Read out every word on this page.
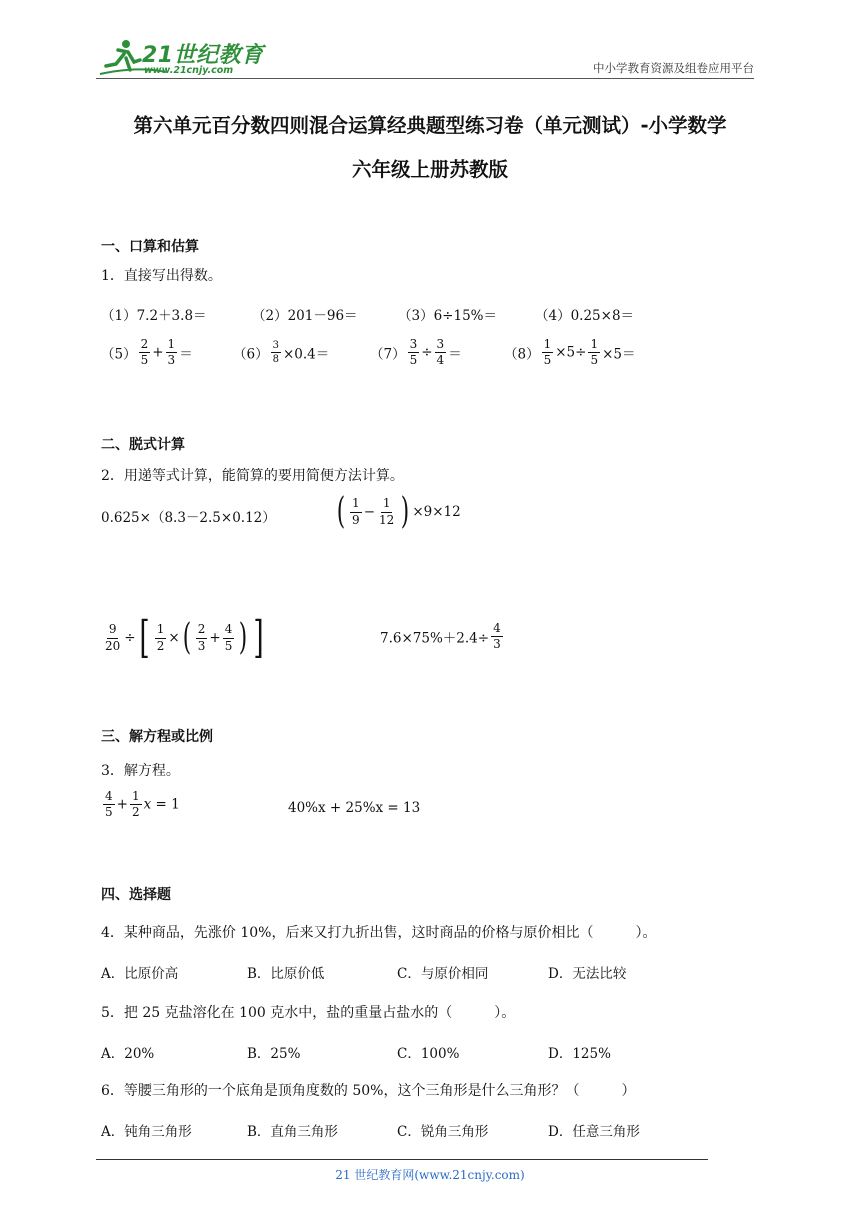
21世纪教育
www.21cnjy.com	中小学教育资源及组卷应用平台
第六单元百分数四则混合运算经典题型练习卷（单元测试）-小学数学
六年级上册苏教版
一、口算和估算
1．直接写出得数。
（1）7.2＋3.8＝	（2）201－96＝	（3）6÷15%＝	（4）0.25×8＝
$(5) \frac{2}{5} + \frac{1}{3}$ ＝	$(6) \frac{3}{8} \times 0.4=$	$(7) \frac{3}{5} \div \frac{3}{4}$ ＝	$(8) \frac{1}{5} \times 5\div \frac{1}{5} \times 5=$
二、脱式计算
2．用递等式计算，能简算的要用简便方法计算。
0.625×（8.3－2.5×0.12） ( $\frac{1}{9} - \frac{1}{12}$ ) ×9×12
$\frac{9}{20}$ ÷[ $\frac{1}{2}$ ×( $\frac{2}{3} + \frac{4}{5}$ ) ]	$7.6\times 75\%+2.4\div \frac{4}{3}$
三、解方程或比例
3．解方程。
$\frac{4}{5} + \frac{1}{2}$ x = 1	40%x + 25%x = 13
四、选择题
4．某种商品，先涨价 10%，后来又打九折出售，这时商品的价格与原价相比（　　　）。
A．比原价高	B．比原价低	C．与原价相同	D．无法比较
5．把 25 克盐溶化在 100 克水中，盐的重量占盐水的（　　　）。
A．20%	B．25%	C．100%	D．125%
6．等腰三角形的一个底角是顶角度数的 50%，这个三角形是什么三角形？（　　　）
A．钝角三角形	B．直角三角形	C．锐角三角形	D．任意三角形
21 世纪教育网(www.21cnjy.com)
